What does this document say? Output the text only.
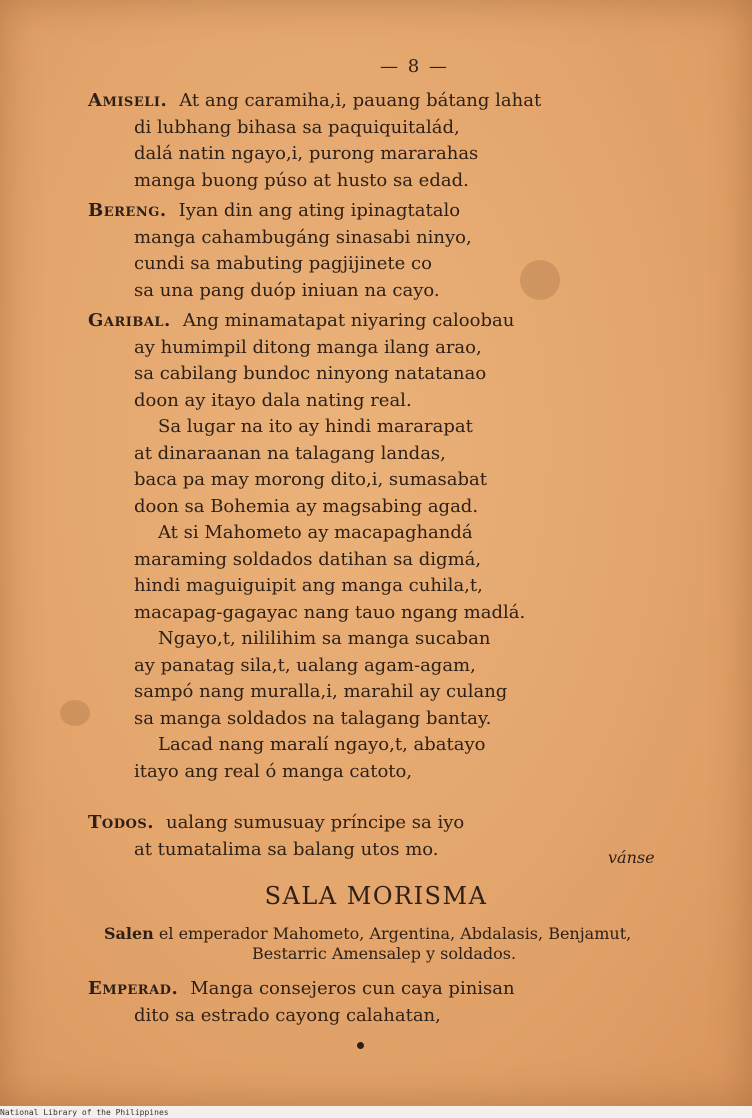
— 8 —
Amiseli. At ang caramiha,i, pauang bátang lahat
di lubhang bihasa sa paquiquitalád,
dalá natin ngayo,i, purong mararahas
manga buong púso at husto sa edad.
Bereng. Iyan din ang ating ipinagtatalo
manga cahambugáng sinasabi ninyo,
cundi sa mabuting pagjijinete co
sa una pang duóp iniuan na cayo.
Garibal. Ang minamatapat niyaring caloobau
ay humimpil ditong manga ilang arao,
sa cabilang bundoc ninyong natatanao
doon ay itayo dala nating real.
Sa lugar na ito ay hindi mararapat
at dinaraanan na talagang landas,
baca pa may morong dito,i, sumasabat
doon sa Bohemia ay magsabing agad.
At si Mahometo ay macapaghandá
maraming soldados datihan sa digmá,
hindi maguiguipit ang manga cuhila,t,
macapag-gagayac nang tauo ngang madlá.
Ngayo,t, nililihim sa manga sucaban
ay panatag sila,t, ualang agam-agam,
sampó nang muralla,i, marahil ay culang
sa manga soldados na talagang bantay.
Lacad nang maralí ngayo,t, abatayo
itayo ang real ó manga catoto,
Todos. ualang sumusuay príncipe sa iyo
at tumatalima sa balang utos mo.	vánse
SALA MORISMA
Salen el emperador Mahometo, Argentina, Abdalasis, Benjamut,
Bestarric Amensalep y soldados.
Emperad. Manga consejeros cun caya pinisan
dito sa estrado cayong calahatan,
National Library of the Philippines
